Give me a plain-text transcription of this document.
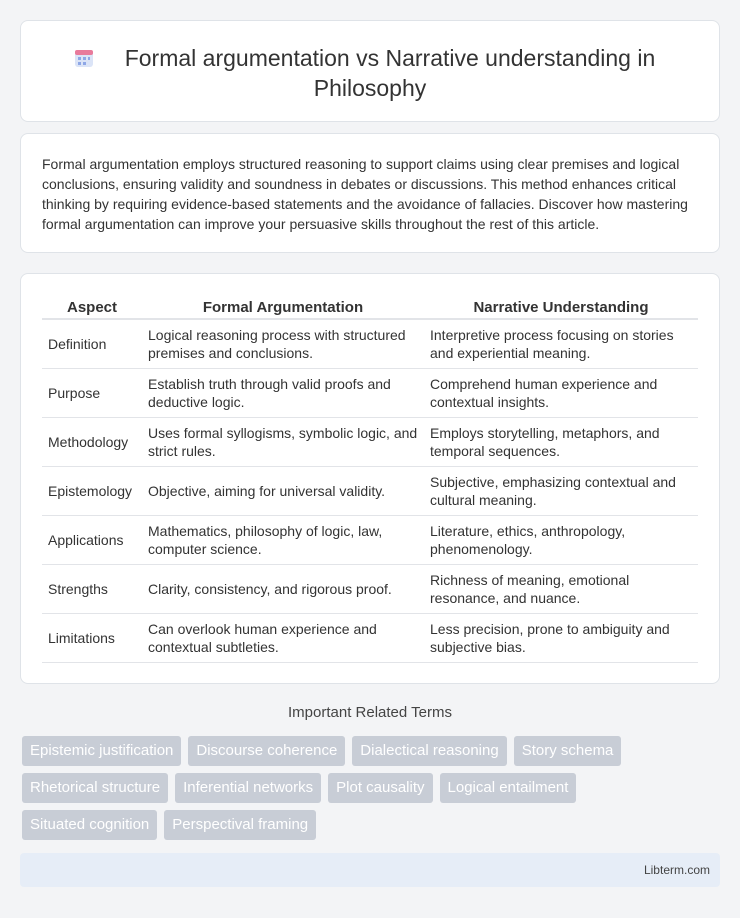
Formal argumentation vs Narrative understanding in
Philosophy

Formal argumentation employs structured reasoning to support claims using clear premises and logical conclusions, ensuring validity and soundness in debates or discussions. This method enhances critical thinking by requiring evidence-based statements and the avoidance of fallacies. Discover how mastering formal argumentation can improve your persuasive skills throughout the rest of this article.

Aspect	Formal Argumentation	Narrative Understanding
Definition	Logical reasoning process with structured premises and conclusions.	Interpretive process focusing on stories and experiential meaning.
Purpose	Establish truth through valid proofs and deductive logic.	Comprehend human experience and contextual insights.
Methodology	Uses formal syllogisms, symbolic logic, and strict rules.	Employs storytelling, metaphors, and temporal sequences.
Epistemology	Objective, aiming for universal validity.	Subjective, emphasizing contextual and cultural meaning.
Applications	Mathematics, philosophy of logic, law, computer science.	Literature, ethics, anthropology, phenomenology.
Strengths	Clarity, consistency, and rigorous proof.	Richness of meaning, emotional resonance, and nuance.
Limitations	Can overlook human experience and contextual subtleties.	Less precision, prone to ambiguity and subjective bias.
Important Related Terms
Epistemic justification	Discourse coherence	Dialectical reasoning	Story schema
Rhetorical structure	Inferential networks	Plot causality	Logical entailment
Situated cognition	Perspectival framing
Libterm.com
